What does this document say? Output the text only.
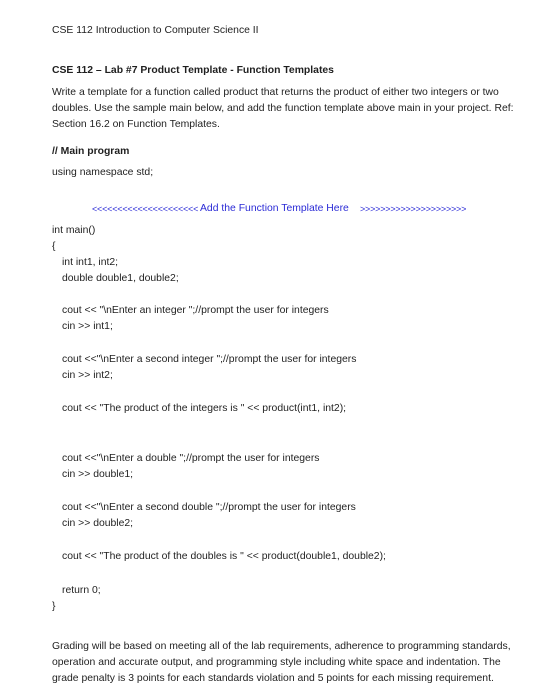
CSE 112 Introduction to Computer Science II
CSE 112 – Lab #7 Product Template - Function Templates
Write a template for a function called product that returns the product of either two integers or two
doubles. Use the sample main below, and add the function template above main in your project. Ref:
Section 16.2 on Function Templates.
// Main program
using namespace std;
<<<<<<<<<<<<<<<<<<<<< Add the Function Template Here >>>>>>>>>>>>>>>>>>>>>
int main()
{
int int1, int2;
double double1, double2;
cout << "\nEnter an integer ";//prompt the user for integers
cin >> int1;
cout <<"\nEnter a second integer ";//prompt the user for integers
cin >> int2;
cout << "The product of the integers is " << product(int1, int2);
cout <<"\nEnter a double ";//prompt the user for integers
cin >> double1;
cout <<"\nEnter a second double ";//prompt the user for integers
cin >> double2;
cout << "The product of the doubles is " << product(double1, double2);
return 0;
}
Grading will be based on meeting all of the lab requirements, adherence to programming standards,
operation and accurate output, and programming style including white space and indentation. The
grade penalty is 3 points for each standards violation and 5 points for each missing requirement.
